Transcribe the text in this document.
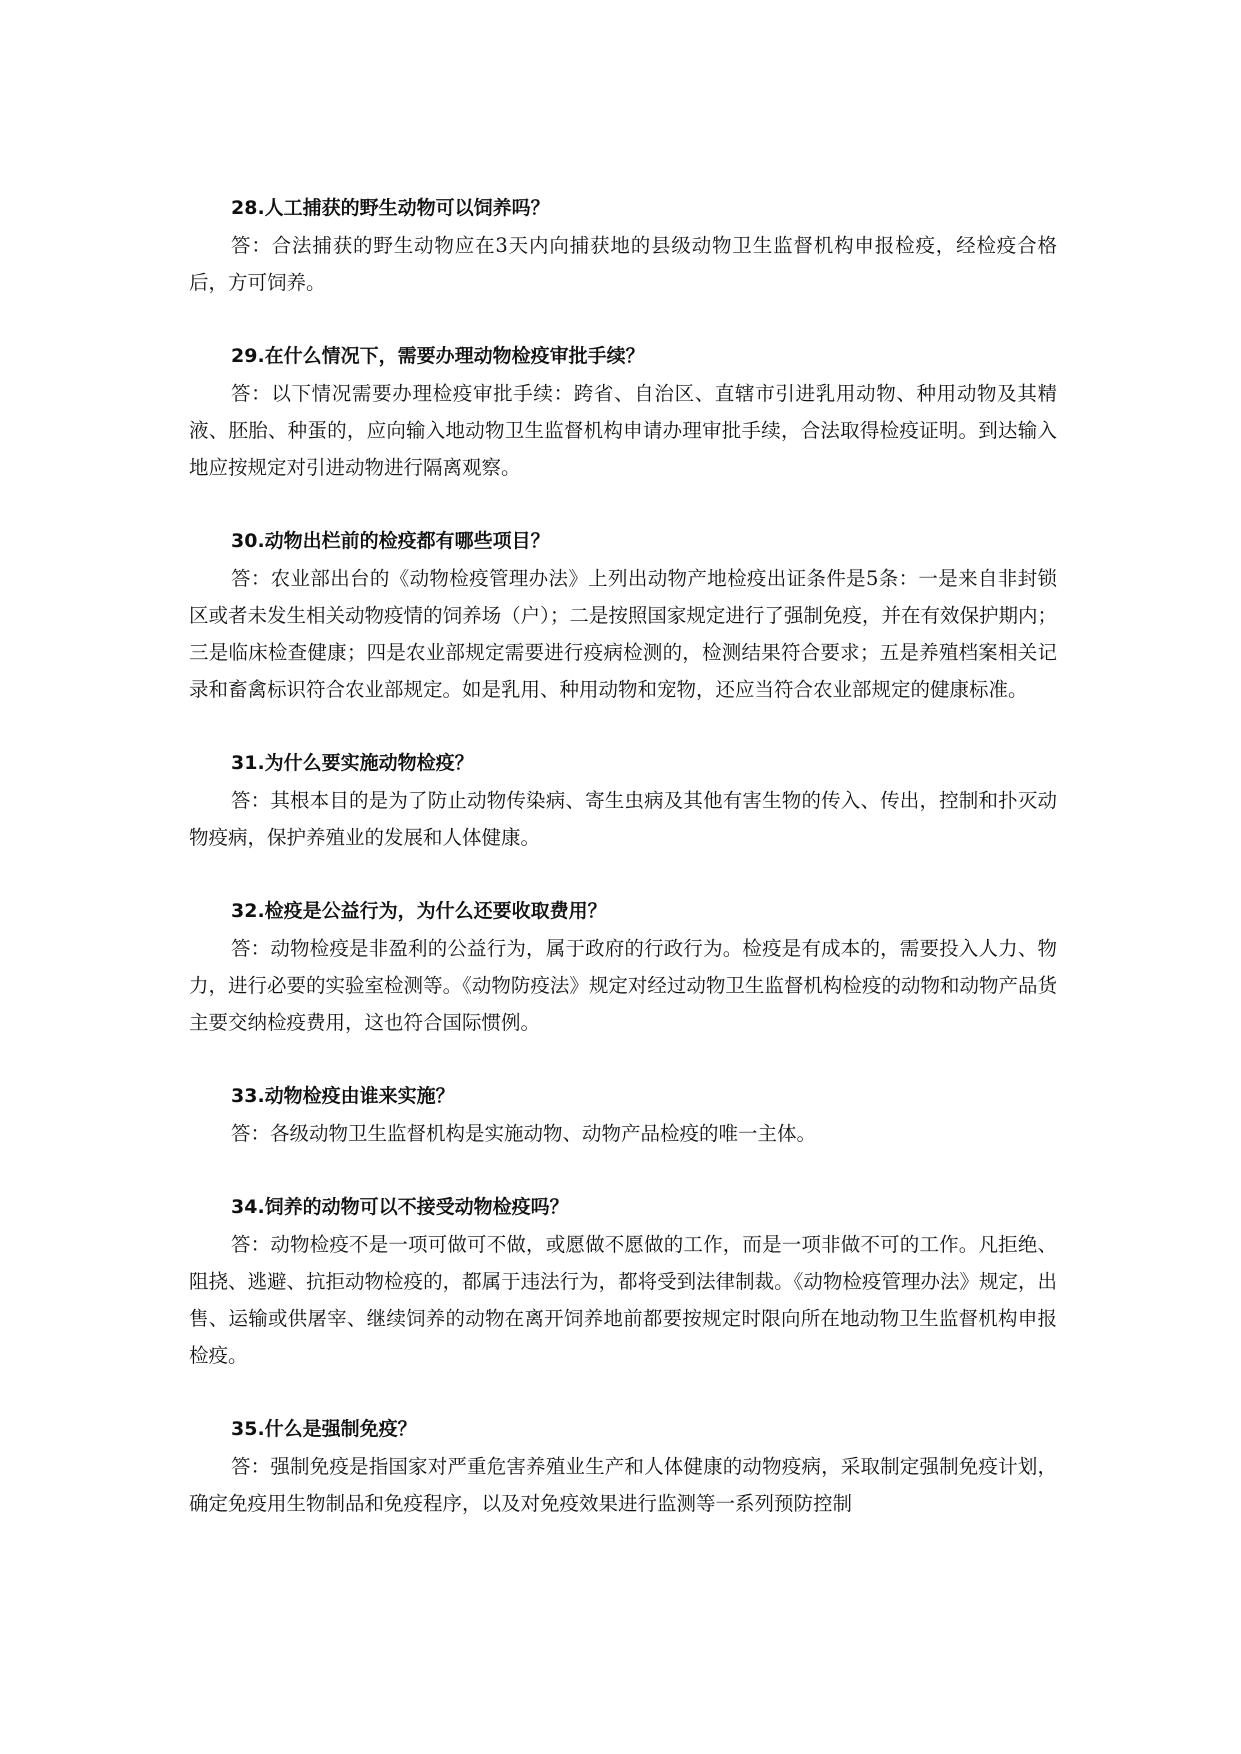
28.人工捕获的野生动物可以饲养吗？

答：合法捕获的野生动物应在3天内向捕获地的县级动物卫生监督机构申报检疫，经检疫合格后，方可饲养。

29.在什么情况下，需要办理动物检疫审批手续？

答：以下情况需要办理检疫审批手续：跨省、自治区、直辖市引进乳用动物、种用动物及其精液、胚胎、种蛋的，应向输入地动物卫生监督机构申请办理审批手续，合法取得检疫证明。到达输入地应按规定对引进动物进行隔离观察。

30.动物出栏前的检疫都有哪些项目？

答：农业部出台的《动物检疫管理办法》上列出动物产地检疫出证条件是5条：一是来自非封锁区或者未发生相关动物疫情的饲养场（户）；二是按照国家规定进行了强制免疫，并在有效保护期内；三是临床检查健康；四是农业部规定需要进行疫病检测的，检测结果符合要求；五是养殖档案相关记录和畜禽标识符合农业部规定。如是乳用、种用动物和宠物，还应当符合农业部规定的健康标准。

31.为什么要实施动物检疫？

答：其根本目的是为了防止动物传染病、寄生虫病及其他有害生物的传入、传出，控制和扑灭动物疫病，保护养殖业的发展和人体健康。

32.检疫是公益行为，为什么还要收取费用？

答：动物检疫是非盈利的公益行为，属于政府的行政行为。检疫是有成本的，需要投入人力、物力，进行必要的实验室检测等。《动物防疫法》规定对经过动物卫生监督机构检疫的动物和动物产品货主要交纳检疫费用，这也符合国际惯例。

33.动物检疫由谁来实施？

答：各级动物卫生监督机构是实施动物、动物产品检疫的唯一主体。

34.饲养的动物可以不接受动物检疫吗？

答：动物检疫不是一项可做可不做，或愿做不愿做的工作，而是一项非做不可的工作。凡拒绝、阻挠、逃避、抗拒动物检疫的，都属于违法行为，都将受到法律制裁。《动物检疫管理办法》规定，出售、运输或供屠宰、继续饲养的动物在离开饲养地前都要按规定时限向所在地动物卫生监督机构申报检疫。

35.什么是强制免疫？

答：强制免疫是指国家对严重危害养殖业生产和人体健康的动物疫病，采取制定强制免疫计划，确定免疫用生物制品和免疫程序，以及对免疫效果进行监测等一系列预防控制
